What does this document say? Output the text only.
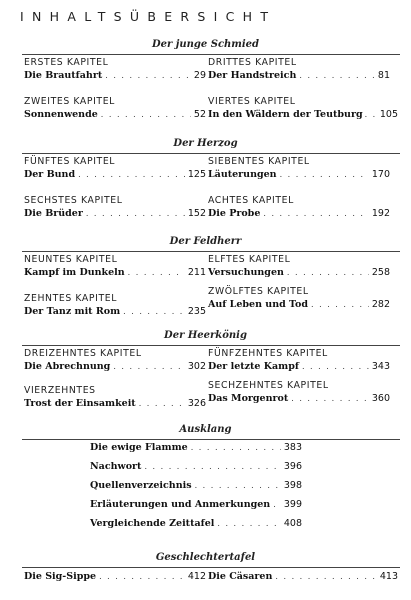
INHALTSÜBERSICHT
Der junge Schmied
ERSTES KAPITEL
Die Brautfahrt . . .	29
DRITTES KAPITEL
Der Handstreich . . .	81
ZWEITES KAPITEL
Sonnenwende . . .	52
VIERTES KAPITEL
In den Wäldern der Teutburg . . . 105
Der Herzog
FÜNFTES KAPITEL
Der Bund . . .	125
SIEBENTES KAPITEL
Läuterungen . . .	170
SECHSTES KAPITEL
Die Brüder . . .	152
ACHTES KAPITEL
Die Probe . . .	192
Der Feldherr
NEUNTES KAPITEL
Kampf im Dunkeln . . .	211
ELFTES KAPITEL
Versuchungen . . .	258
ZEHNTES KAPITEL
Der Tanz mit Rom . . .	235
ZWÖLFTES KAPITEL
Auf Leben und Tod . . .	282
Der Heerkönig
DREIZEHNTES KAPITEL
Die Abrechnung . . .	302
FÜNFZEHNTES KAPITEL
Der letzte Kampf . . .	343
VIERZEHNTES
Trost der Einsamkeit . . .	326
SECHZEHNTES KAPITEL
Das Morgenrot . . .	360
Ausklang
Die ewige Flamme . . .	383
Nachwort . . .	396
Quellenverzeichnis . . .	398
Erläuterungen und Anmerkungen . . . 399
Vergleichende Zeittafel . . .	408
Geschlechtertafel
Die Sig-Sippe . . .	412 Die Cäsaren . . .	413
